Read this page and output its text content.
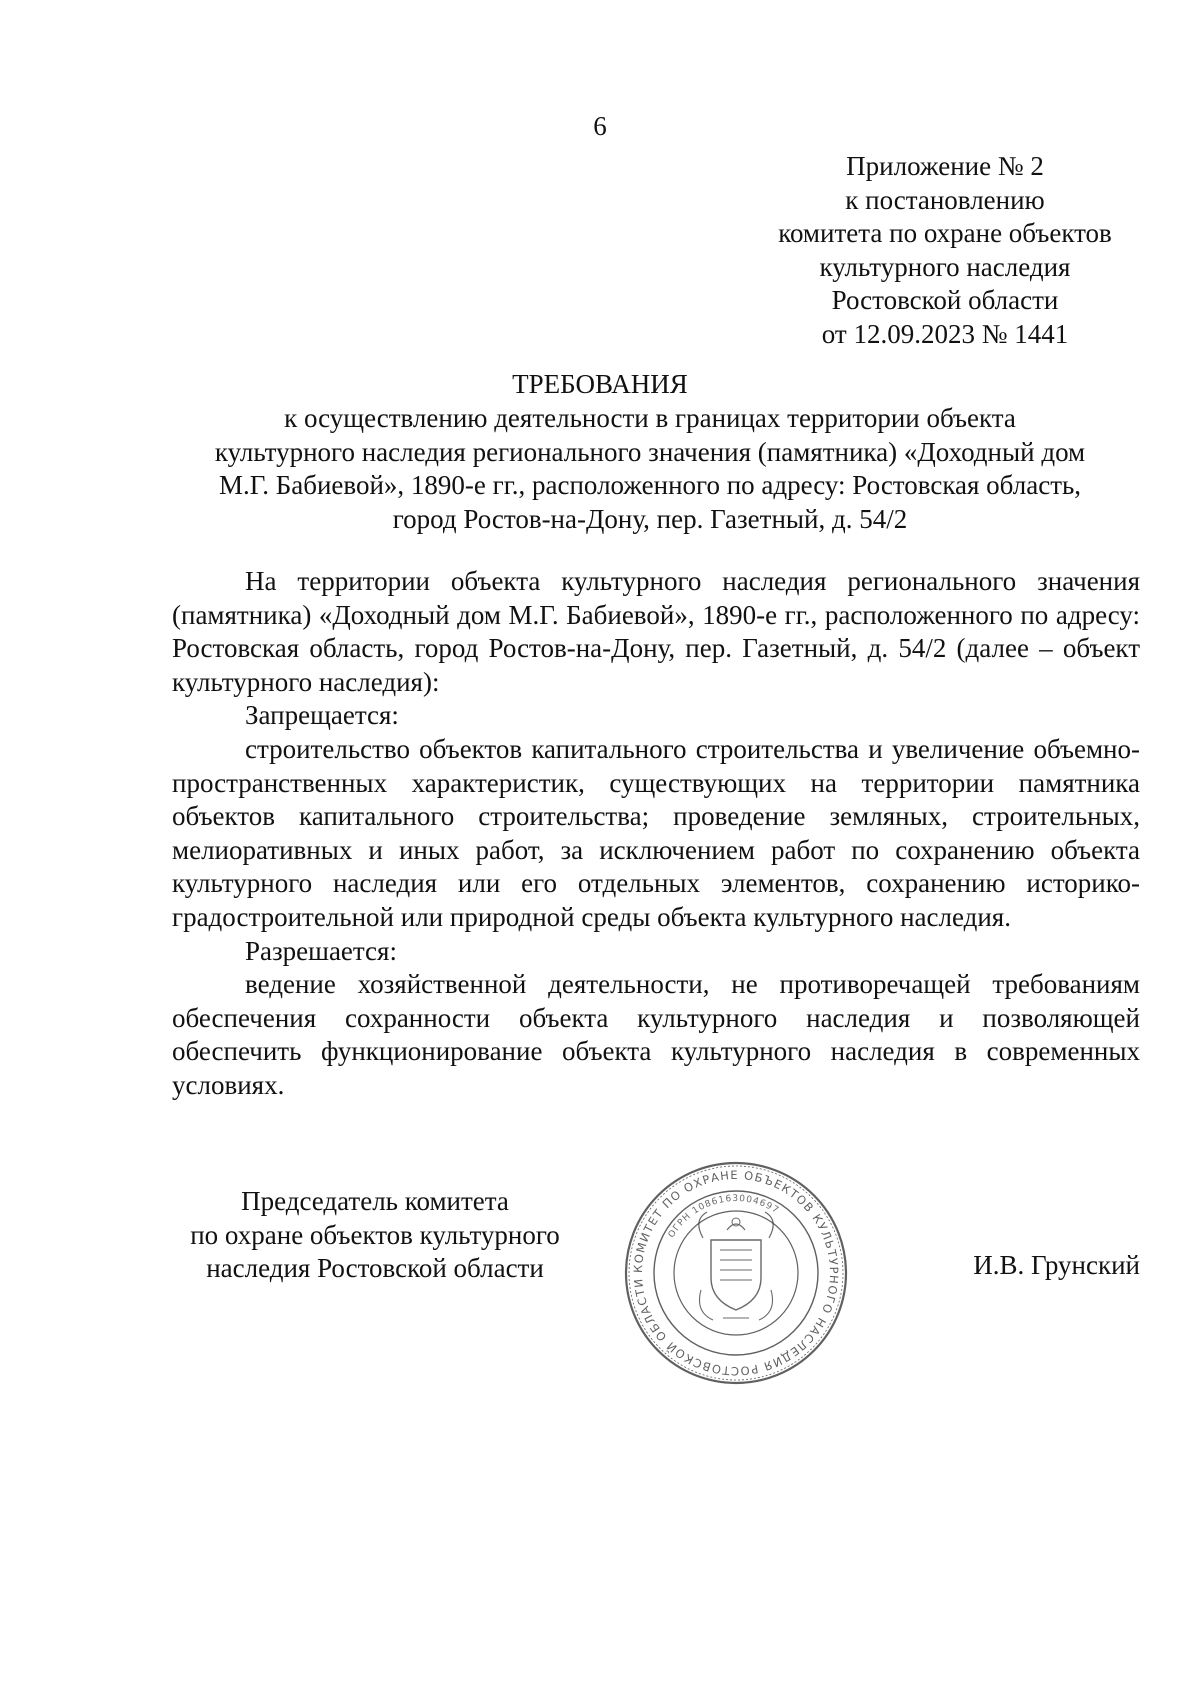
6
Приложение № 2
к постановлению
комитета по охране объектов
культурного наследия
Ростовской области
от 12.09.2023 № 1441
ТРЕБОВАНИЯ
к осуществлению деятельности в границах территории объекта
культурного наследия регионального значения (памятника) «Доходный дом
М.Г. Бабиевой», 1890-е гг., расположенного по адресу: Ростовская область,
город Ростов-на-Дону, пер. Газетный, д. 54/2

На территории объекта культурного наследия регионального значения (памятника) «Доходный дом М.Г. Бабиевой», 1890-е гг., расположенного по адресу: Ростовская область, город Ростов-на-Дону, пер. Газетный, д. 54/2 (далее – объект культурного наследия):

Запрещается:

строительство объектов капитального строительства и увеличение объемно-пространственных характеристик, существующих на территории памятника объектов капитального строительства; проведение земляных, строительных, мелиоративных и иных работ, за исключением работ по сохранению объекта культурного наследия или его отдельных элементов, сохранению историко-градостроительной или природной среды объекта культурного наследия.

Разрешается:

ведение хозяйственной деятельности, не противоречащей требованиям обеспечения сохранности объекта культурного наследия и позволяющей обеспечить функционирование объекта культурного наследия в современных условиях.

Председатель комитета
по охране объектов культурного
наследия Ростовской области	КОМИТЕТ ПО ОХРАНЕ ОБЪЕКТОВ КУЛЬТУРНОГО НАСЛЕДИЯ РОСТОВСКОЙ ОБЛАСТИ
ОГРН 1086163004697
И.В. Грунский
